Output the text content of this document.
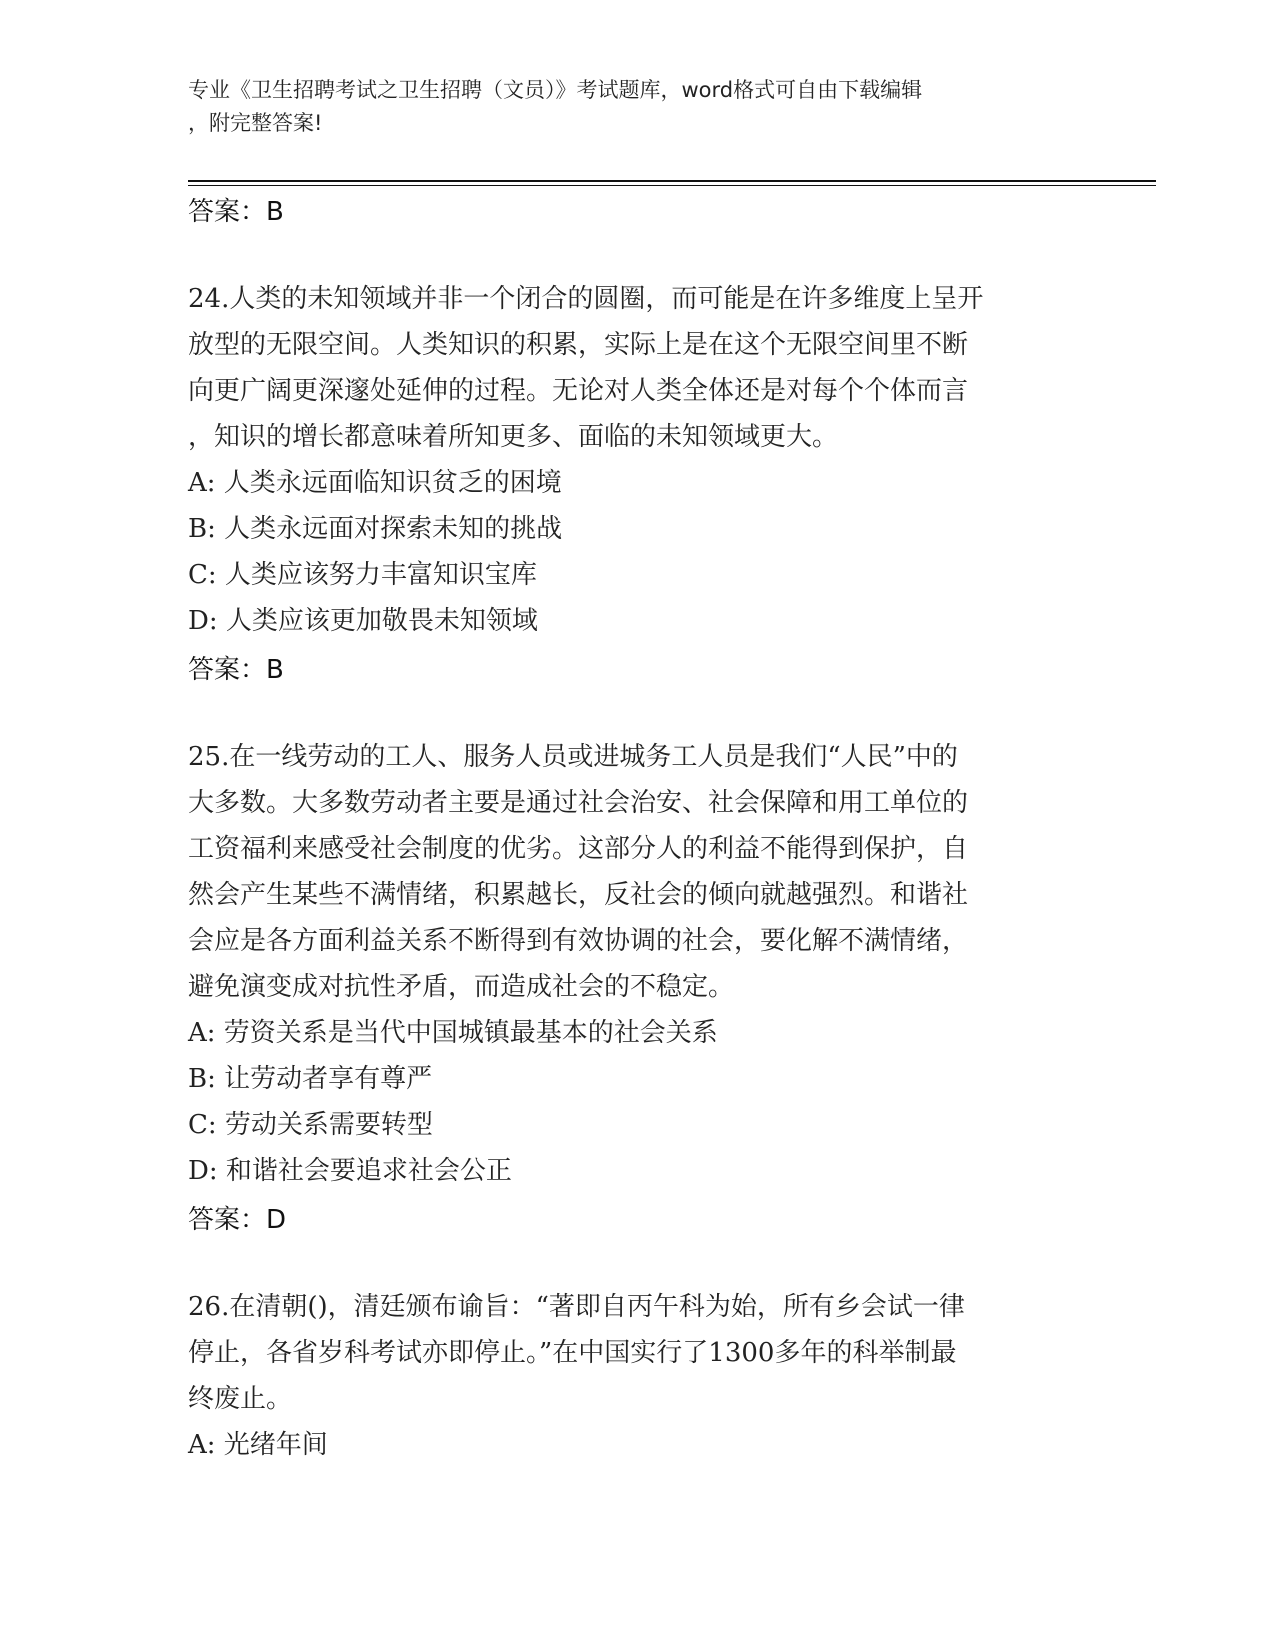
专业《卫生招聘考试之卫生招聘（文员）》考试题库，word格式可自由下载编辑
，附完整答案!
答案：B
24.人类的未知领域并非一个闭合的圆圈，而可能是在许多维度上呈开
放型的无限空间。人类知识的积累，实际上是在这个无限空间里不断
向更广阔更深邃处延伸的过程。无论对人类全体还是对每个个体而言
，知识的增长都意味着所知更多、面临的未知领域更大。
A: 人类永远面临知识贫乏的困境
B: 人类永远面对探索未知的挑战
C: 人类应该努力丰富知识宝库
D: 人类应该更加敬畏未知领域
答案：B
25.在一线劳动的工人、服务人员或进城务工人员是我们“人民”中的
大多数。大多数劳动者主要是通过社会治安、社会保障和用工单位的
工资福利来感受社会制度的优劣。这部分人的利益不能得到保护，自
然会产生某些不满情绪，积累越长，反社会的倾向就越强烈。和谐社
会应是各方面利益关系不断得到有效协调的社会，要化解不满情绪，
避免演变成对抗性矛盾，而造成社会的不稳定。
A: 劳资关系是当代中国城镇最基本的社会关系
B: 让劳动者享有尊严
C: 劳动关系需要转型
D: 和谐社会要追求社会公正
答案：D
26.在清朝()，清廷颁布谕旨：“著即自丙午科为始，所有乡会试一律
停止，各省岁科考试亦即停止。”在中国实行了1300多年的科举制最
终废止。
A: 光绪年间
